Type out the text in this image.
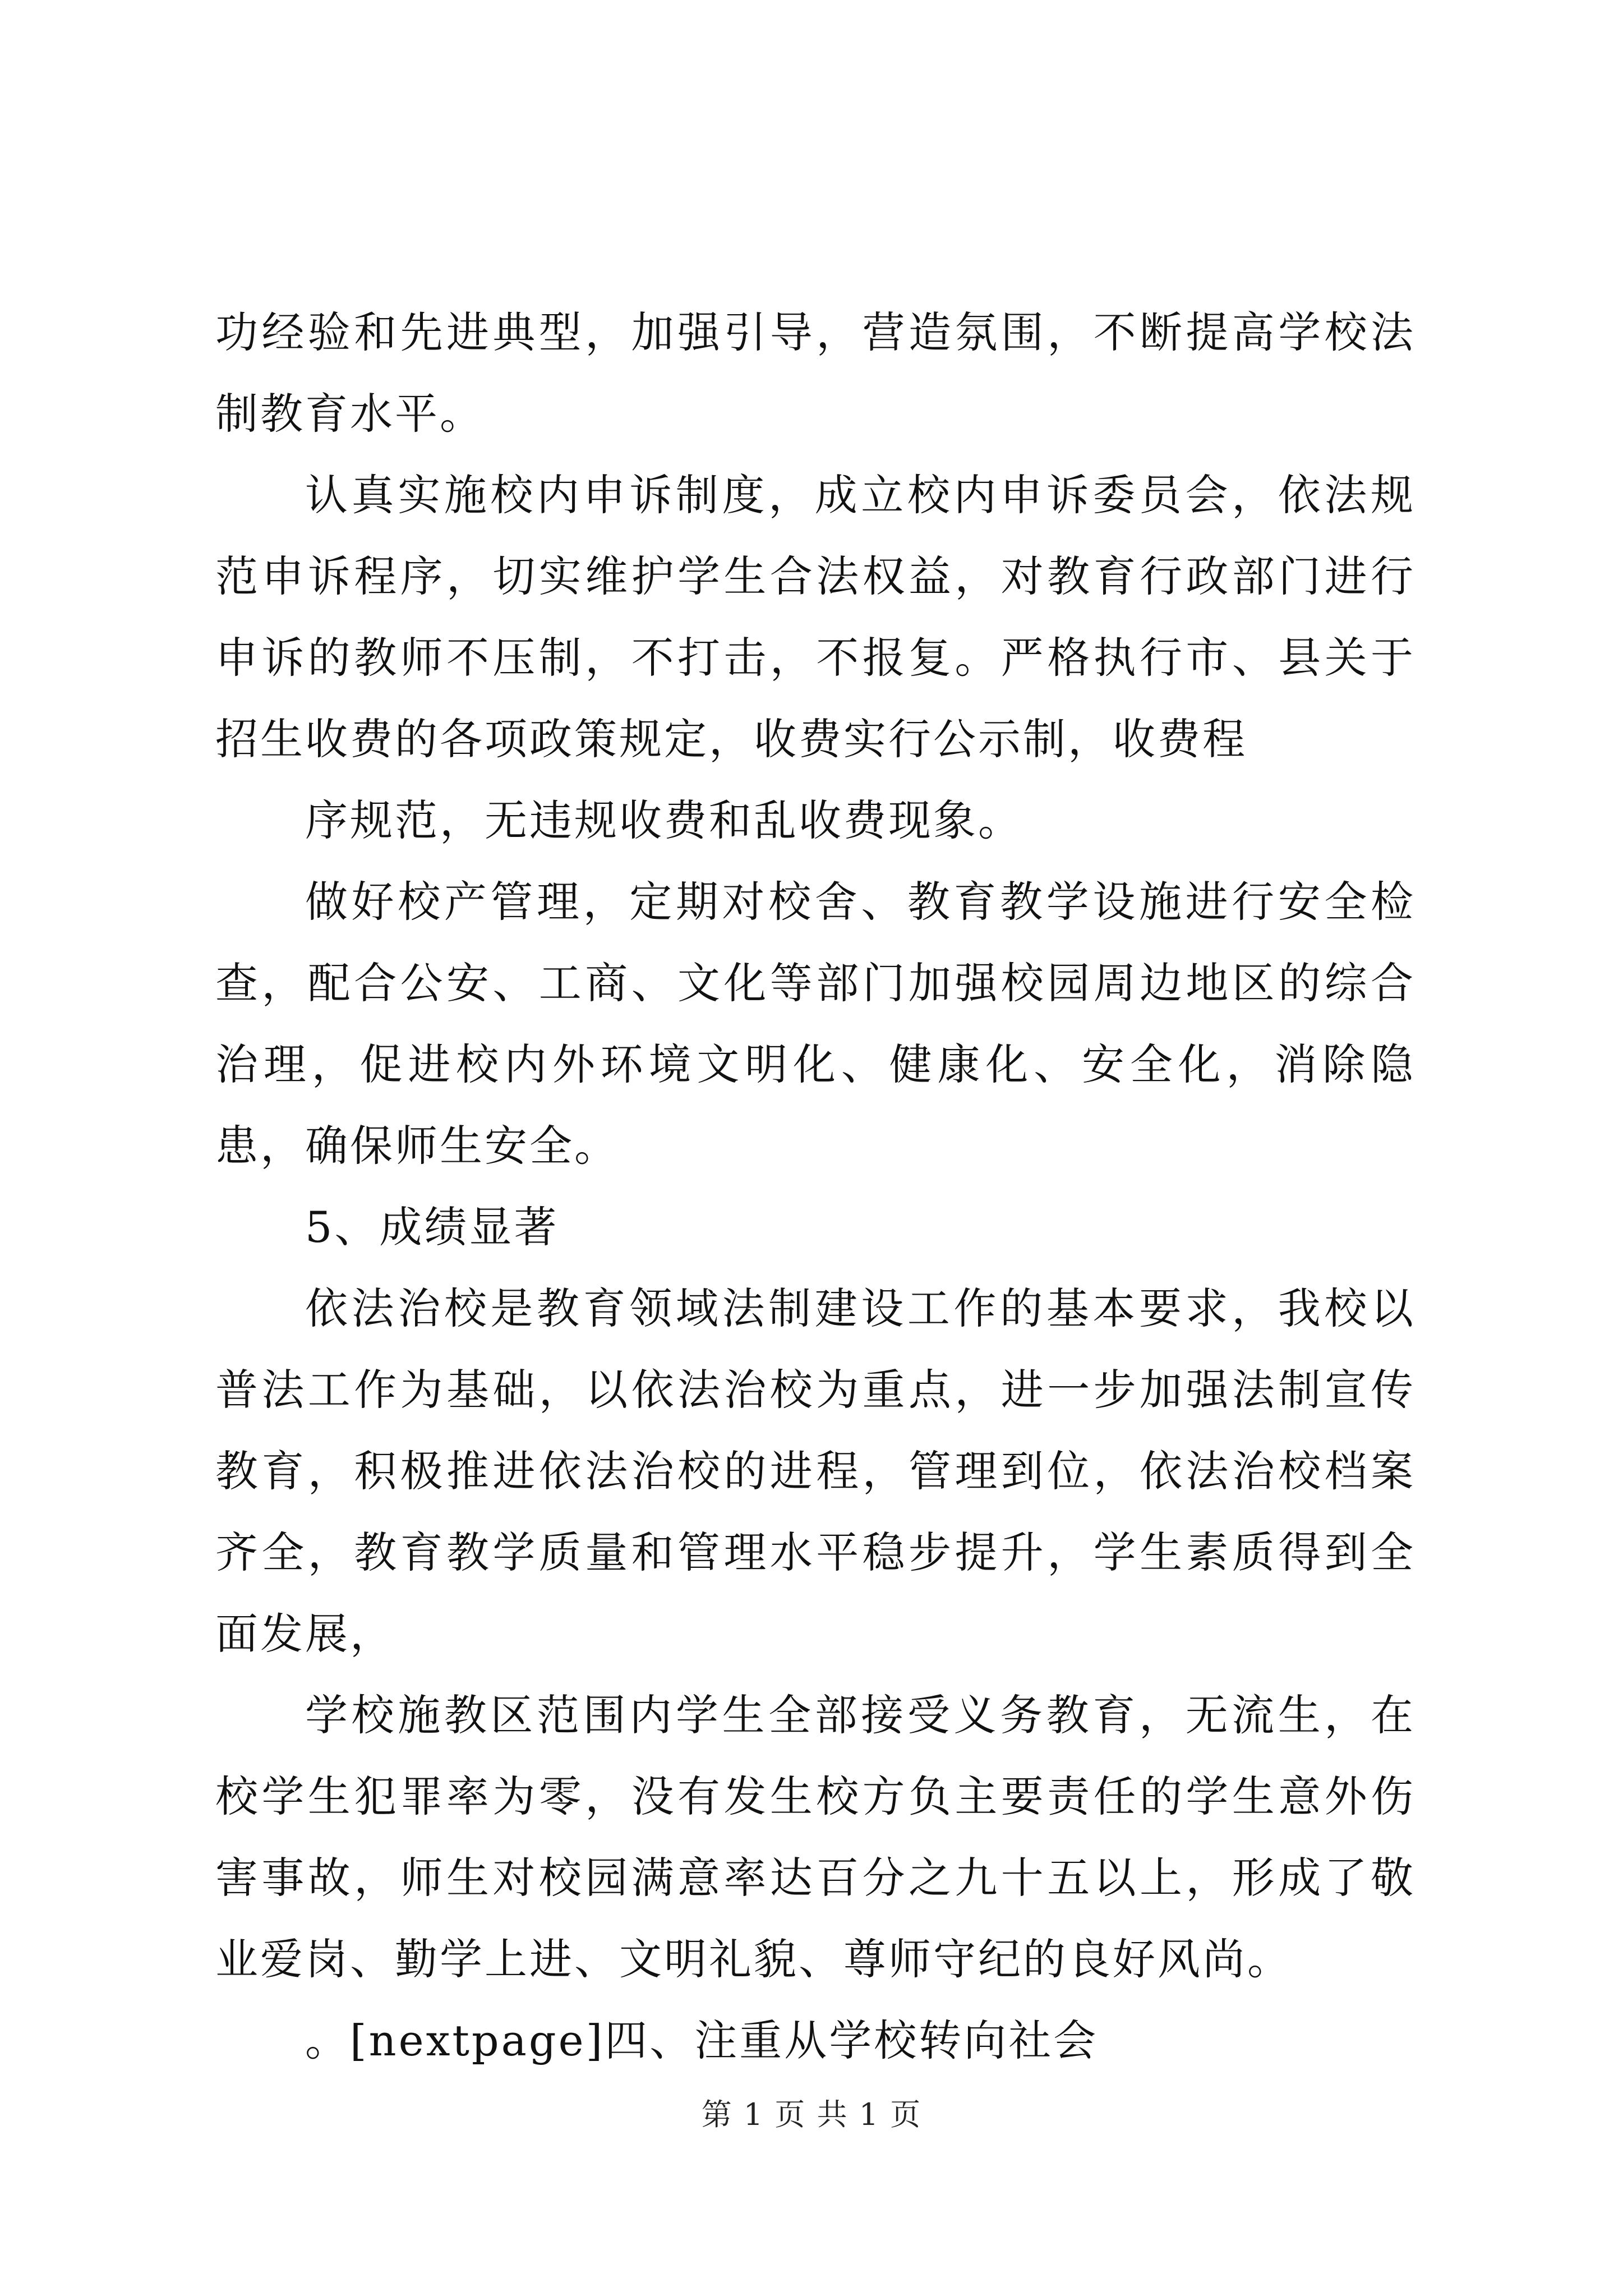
功经验和先进典型，加强引导，营造氛围，不断提高学校法制教育水平。

认真实施校内申诉制度，成立校内申诉委员会，依法规范申诉程序，切实维护学生合法权益，对教育行政部门进行申诉的教师不压制，不打击，不报复。严格执行市、县关于招生收费的各项政策规定，收费实行公示制，收费程

序规范，无违规收费和乱收费现象。

做好校产管理，定期对校舍、教育教学设施进行安全检查，配合公安、工商、文化等部门加强校园周边地区的综合治理，促进校内外环境文明化、健康化、安全化，消除隐患，确保师生安全。

5、成绩显著

依法治校是教育领域法制建设工作的基本要求，我校以普法工作为基础，以依法治校为重点，进一步加强法制宣传教育，积极推进依法治校的进程，管理到位，依法治校档案齐全，教育教学质量和管理水平稳步提升，学生素质得到全面发展，

学校施教区范围内学生全部接受义务教育，无流生，在校学生犯罪率为零，没有发生校方负主要责任的学生意外伤害事故，师生对校园满意率达百分之九十五以上，形成了敬业爱岗、勤学上进、文明礼貌、尊师守纪的良好风尚。

。[nextpage]四、注重从学校转向社会

第 1 页 共 1 页
